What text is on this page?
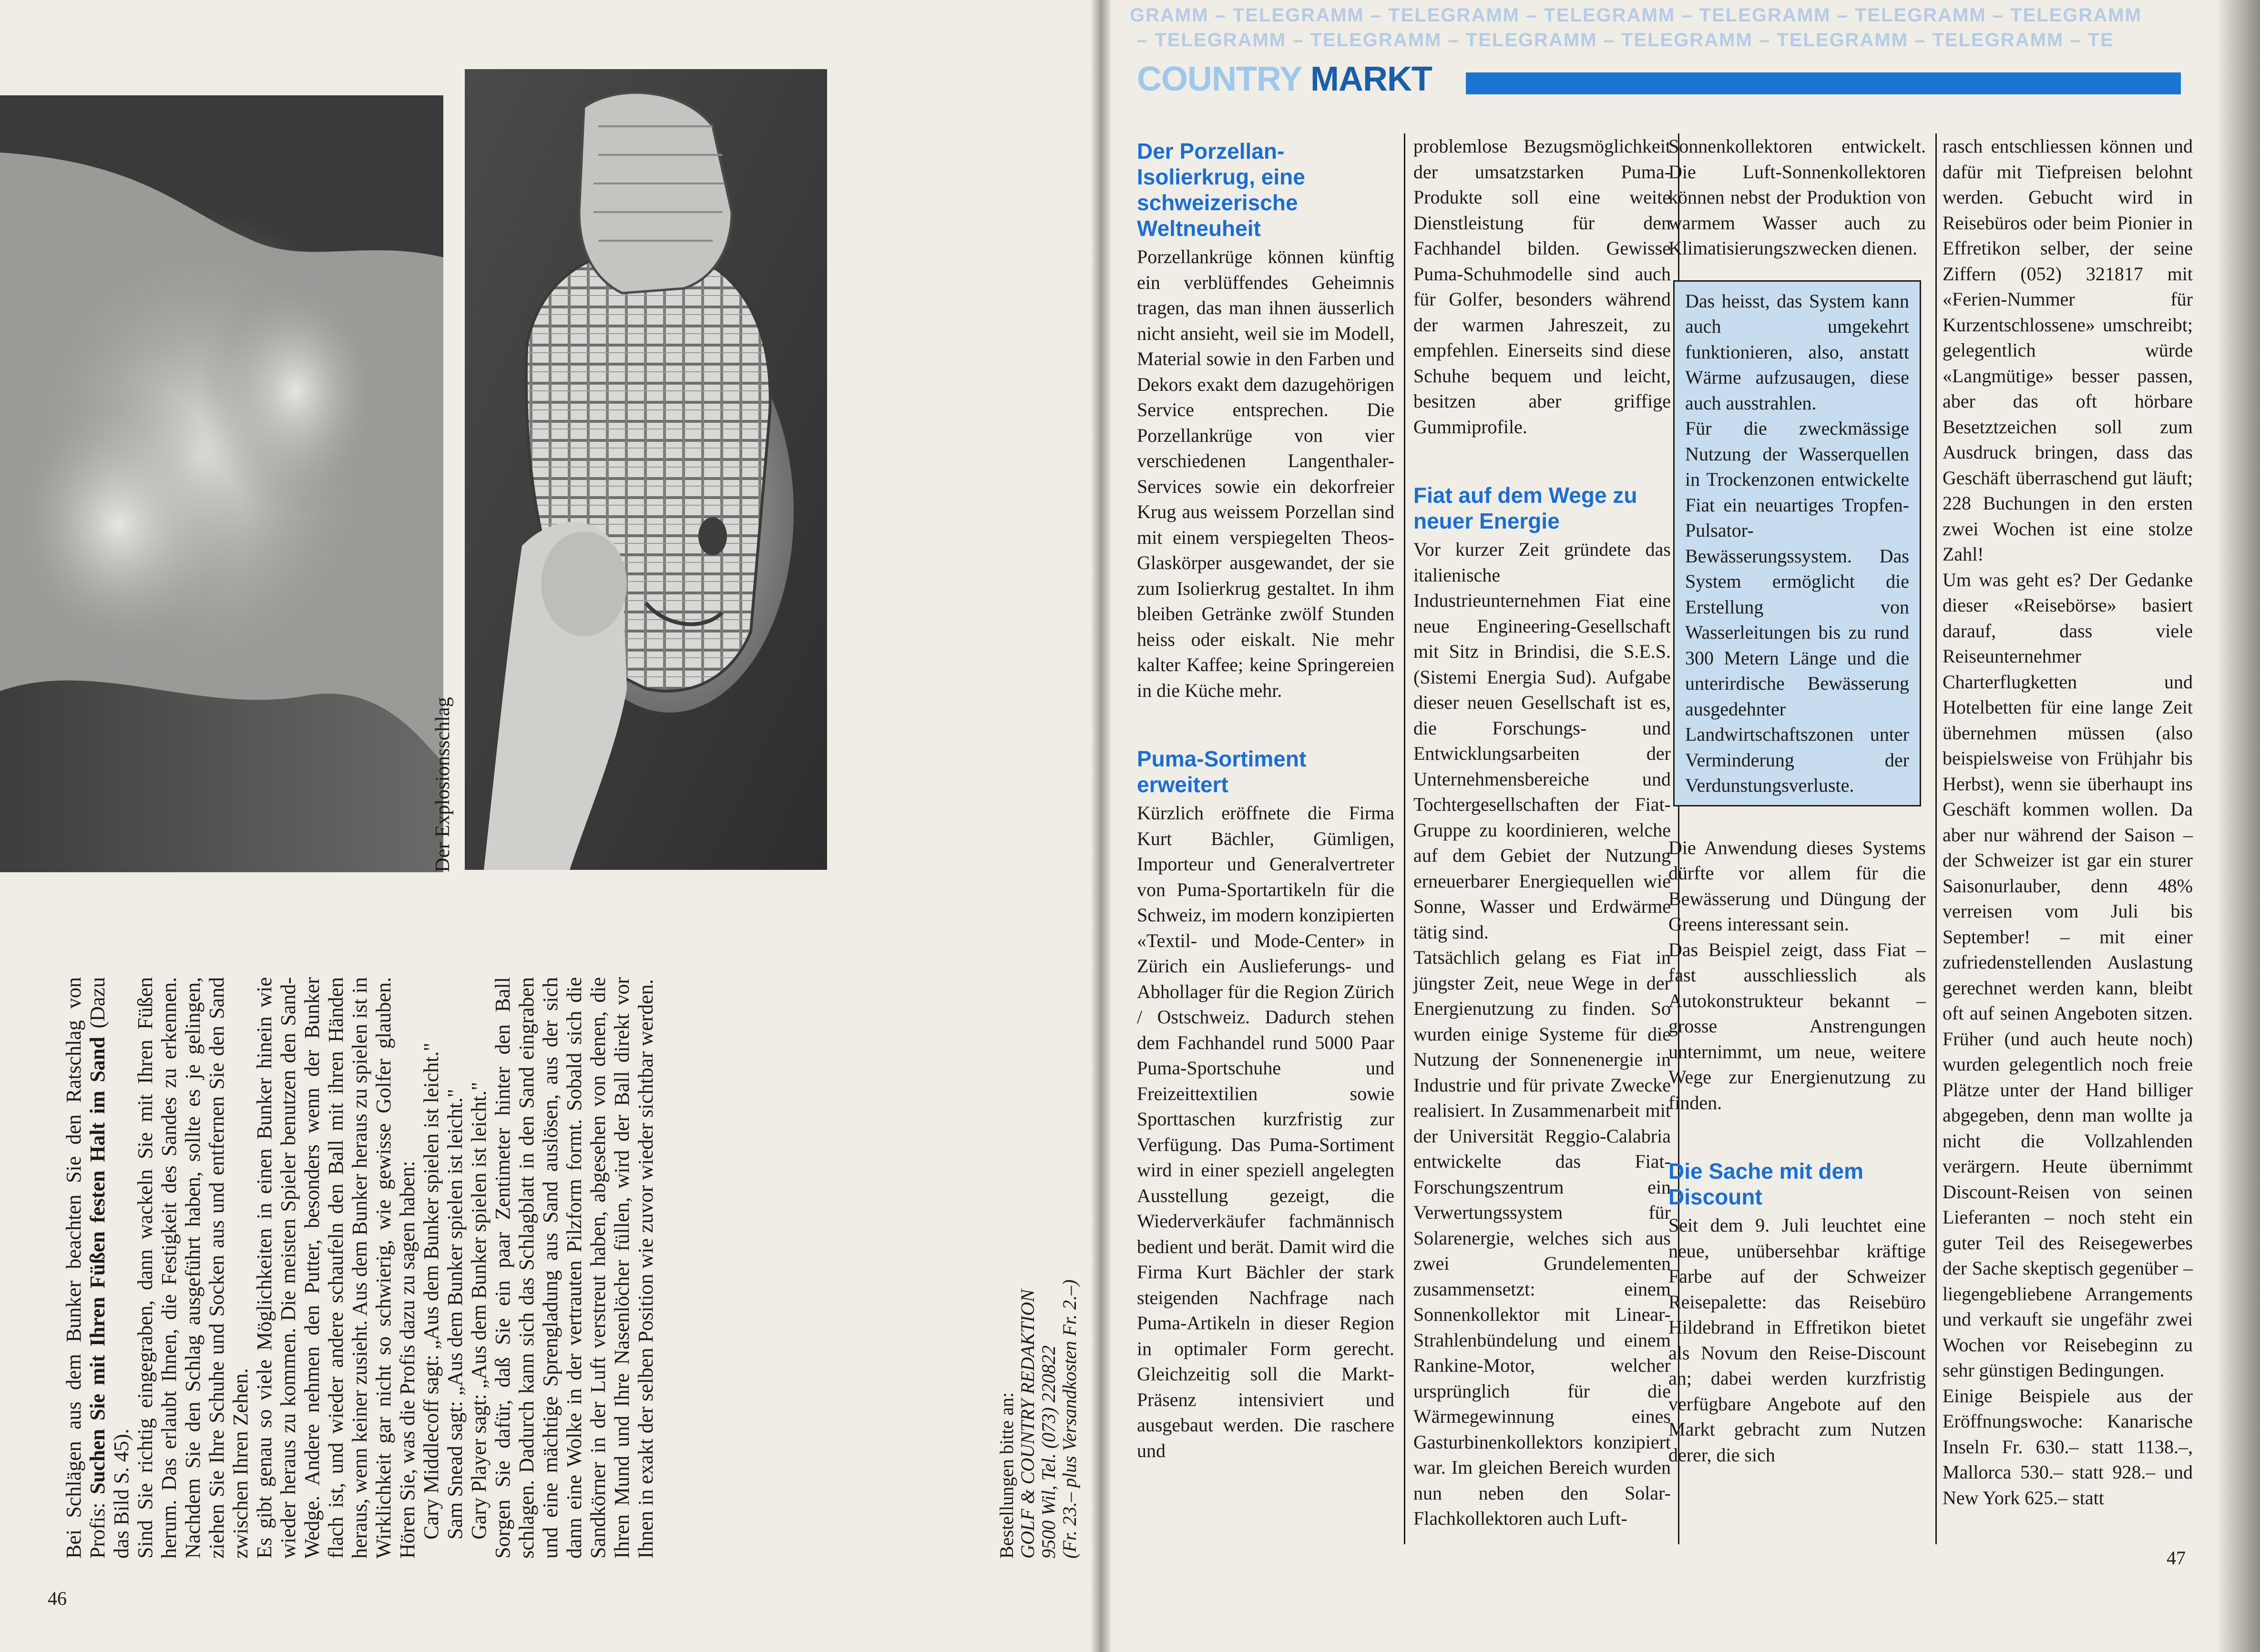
Der Explosionsschlag

Bei Schlägen aus dem Bunker beachten Sie den Ratschlag von Profis: Suchen Sie mit Ihren Füßen festen Halt im Sand (Dazu das Bild S. 45). Sind Sie richtig eingegraben, dann wackeln Sie mit Ihren Füßen herum. Das erlaubt Ihnen, die Festigkeit des Sandes zu erkennen. Nachdem Sie den Schlag ausgeführt haben, sollte es je gelingen, ziehen Sie Ihre Schuhe und Socken aus und entfernen Sie den Sand zwischen Ihren Zehen. Es gibt genau so viele Möglichkeiten in einen Bunker hinein wie wieder heraus zu kommen. Die meisten Spieler benutzen den Sand-Wedge. Andere nehmen den Putter, besonders wenn der Bunker flach ist, und wieder andere schaufeln den Ball mit ihren Händen heraus, wenn keiner zusieht. Aus dem Bunker heraus zu spielen ist in Wirklichkeit gar nicht so schwierig, wie gewisse Golfer glauben. Hören Sie, was die Profis dazu zu sagen haben: Cary Middlecoff sagt: „Aus dem Bunker spielen ist leicht." Sam Snead sagt: „Aus dem Bunker spielen ist leicht." Gary Player sagt: „Aus dem Bunker spielen ist leicht." Sorgen Sie dafür, daß Sie ein paar Zentimeter hinter den Ball schlagen. Dadurch kann sich das Schlagblatt in den Sand eingraben und eine mächtige Sprengladung aus Sand auslösen, aus der sich dann eine Wolke in der vertrauten Pilzform formt. Sobald sich die Sandkörner in der Luft verstreut haben, abgesehen von denen, die Ihren Mund und Ihre Nasenlöcher füllen, wird der Ball direkt vor Ihnen in exakt der selben Position wie zuvor wieder sichtbar werden.	Bestellungen bitte an: GOLF & COUNTRY REDAKTION 9500 Wil, Tel. (073) 220822 (Fr. 23.– plus Versandkosten Fr. 2.–)

46
GRAMM – TELEGRAMM – TELEGRAMM – TELEGRAMM – TELEGRAMM – TELEGRAMM – TELEGRAMM
– TELEGRAMM – TELEGRAMM – TELEGRAMM – TELEGRAMM – TELEGRAMM – TELEGRAMM – TE
COUNTRY MARKT
Der Porzellan-Isolierkrug, eine schweizerische Weltneuheit

Porzellankrüge können künftig ein verblüffendes Geheimnis tragen, das man ihnen äusserlich nicht ansieht, weil sie im Modell, Material sowie in den Farben und Dekors exakt dem dazugehörigen Service entsprechen. Die Porzellankrüge von vier verschiedenen Langenthaler-Services sowie ein dekorfreier Krug aus weissem Porzellan sind mit einem verspiegelten Theos-Glaskörper ausgewandet, der sie zum Isolierkrug gestaltet. In ihm bleiben Getränke zwölf Stunden heiss oder eiskalt. Nie mehr kalter Kaffee; keine Springereien in die Küche mehr.

Puma-Sortiment erweitert

Kürzlich eröffnete die Firma Kurt Bächler, Gümligen, Importeur und Generalvertreter von Puma-Sportartikeln für die Schweiz, im modern konzipierten «Textil- und Mode-Center» in Zürich ein Auslieferungs- und Abhollager für die Region Zürich / Ostschweiz. Dadurch stehen dem Fachhandel rund 5000 Paar Puma-Sportschuhe und Freizeittextilien sowie Sporttaschen kurzfristig zur Verfügung. Das Puma-Sortiment wird in einer speziell angelegten Ausstellung gezeigt, die Wiederverkäufer fachmännisch bedient und berät. Damit wird die Firma Kurt Bächler der stark steigenden Nachfrage nach Puma-Artikeln in dieser Region in optimaler Form gerecht. Gleichzeitig soll die Markt-Präsenz intensiviert und ausgebaut werden. Die raschere und

problemlose Bezugsmöglichkeit der umsatzstarken Puma-Produkte soll eine weite Dienstleistung für den Fachhandel bilden. Gewisse Puma-Schuhmodelle sind auch für Golfer, besonders während der warmen Jahreszeit, zu empfehlen. Einerseits sind diese Schuhe bequem und leicht, besitzen aber griffige Gummiprofile.

Fiat auf dem Wege zu neuer Energie

Vor kurzer Zeit gründete das italienische Industrieunternehmen Fiat eine neue Engineering-Gesellschaft mit Sitz in Brindisi, die S.E.S. (Sistemi Energia Sud). Aufgabe dieser neuen Gesellschaft ist es, die Forschungs- und Entwicklungsarbeiten der Unternehmensbereiche und Tochtergesellschaften der Fiat-Gruppe zu koordinieren, welche auf dem Gebiet der Nutzung erneuerbarer Energiequellen wie Sonne, Wasser und Erdwärme tätig sind.

Tatsächlich gelang es Fiat in jüngster Zeit, neue Wege in der Energienutzung zu finden. So wurden einige Systeme für die Nutzung der Sonnenenergie in Industrie und für private Zwecke realisiert. In Zusammenarbeit mit der Universität Reggio-Calabria entwickelte das Fiat-Forschungszentrum ein Verwertungssystem für Solarenergie, welches sich aus zwei Grundelementen zusammensetzt: einem Sonnenkollektor mit Linear-Strahlenbündelung und einem Rankine-Motor, welcher ursprünglich für die Wärmegewinnung eines Gasturbinenkollektors konzipiert war. Im gleichen Bereich wurden nun neben den Solar-Flachkollektoren auch Luft-

Sonnenkollektoren entwickelt. Die Luft-Sonnenkollektoren können nebst der Produktion von warmem Wasser auch zu Klimatisierungszwecken dienen.

Das heisst, das System kann auch umgekehrt funktionieren, also, anstatt Wärme aufzusaugen, diese auch ausstrahlen.

Für die zweckmässige Nutzung der Wasserquellen in Trockenzonen entwickelte Fiat ein neuartiges Tropfen-Pulsator-Bewässerungssystem. Das System ermöglicht die Erstellung von Wasserleitungen bis zu rund 300 Metern Länge und die unterirdische Bewässerung ausgedehnter Landwirtschaftszonen unter Verminderung der Verdunstungsverluste.

Die Anwendung dieses Systems dürfte vor allem für die Bewässerung und Düngung der Greens interessant sein.

Das Beispiel zeigt, dass Fiat – fast ausschliesslich als Autokonstrukteur bekannt – grosse Anstrengungen unternimmt, um neue, weitere Wege zur Energienutzung zu finden.

Die Sache mit dem Discount

Seit dem 9. Juli leuchtet eine neue, unübersehbar kräftige Farbe auf der Schweizer Reisepalette: das Reisebüro Hildebrand in Effretikon bietet als Novum den Reise-Discount an; dabei werden kurzfristig verfügbare Angebote auf den Markt gebracht zum Nutzen derer, die sich

rasch entschliessen können und dafür mit Tiefpreisen belohnt werden. Gebucht wird in Reisebüros oder beim Pionier in Effretikon selber, der seine Ziffern (052) 321817 mit «Ferien-Nummer für Kurzentschlossene» umschreibt; gelegentlich würde «Langmütige» besser passen, aber das oft hörbare Besetztzeichen soll zum Ausdruck bringen, dass das Geschäft überraschend gut läuft; 228 Buchungen in den ersten zwei Wochen ist eine stolze Zahl!

Um was geht es? Der Gedanke dieser «Reisebörse» basiert darauf, dass viele Reiseunternehmer Charterflugketten und Hotelbetten für eine lange Zeit übernehmen müssen (also beispielsweise von Frühjahr bis Herbst), wenn sie überhaupt ins Geschäft kommen wollen. Da aber nur während der Saison – der Schweizer ist gar ein sturer Saisonurlauber, denn 48% verreisen vom Juli bis September! – mit einer zufriedenstellenden Auslastung gerechnet werden kann, bleibt oft auf seinen Angeboten sitzen. Früher (und auch heute noch) wurden gelegentlich noch freie Plätze unter der Hand billiger abgegeben, denn man wollte ja nicht die Vollzahlenden verärgern. Heute übernimmt Discount-Reisen von seinen Lieferanten – noch steht ein guter Teil des Reisegewerbes der Sache skeptisch gegenüber – liegengebliebene Arrangements und verkauft sie ungefähr zwei Wochen vor Reisebeginn zu sehr günstigen Bedingungen.

Einige Beispiele aus der Eröffnungswoche: Kanarische Inseln Fr. 630.– statt 1138.–, Mallorca 530.– statt 928.– und New York 625.– statt

47
